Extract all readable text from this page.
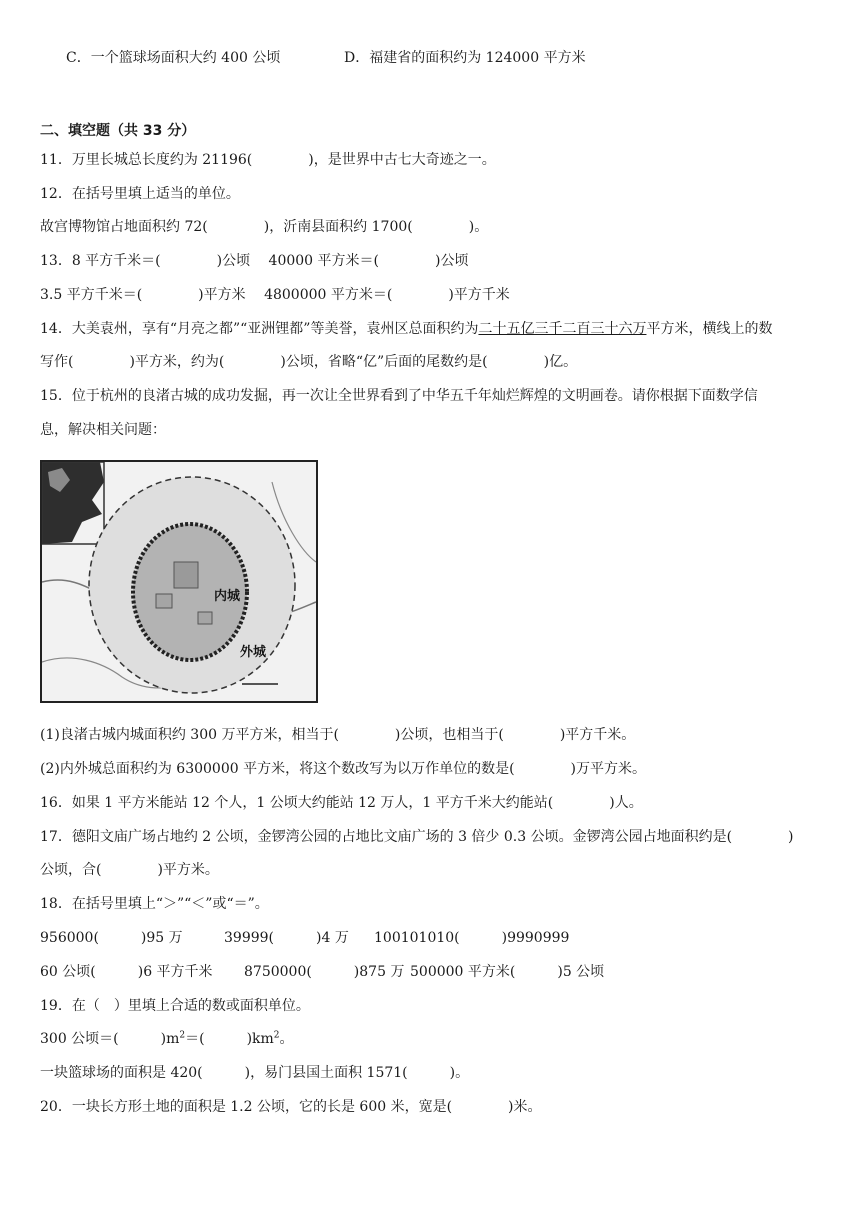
C．一个篮球场面积大约 400 公顷	D．福建省的面积约为 124000 平方米
二、填空题（共 33 分）
11．万里长城总长度约为 21196(　　　　)，是世界中古七大奇迹之一。
12．在括号里填上适当的单位。
故宫博物馆占地面积约 72(　　　　)，沂南县面积约 1700(　　　　)。
13．8 平方千米＝(　　　　)公顷　 40000 平方米＝(　　　　)公顷
3.5 平方千米＝(　　　　)平方米　 4800000 平方米＝(　　　　)平方千米
14．大美袁州，享有“月亮之都”“亚洲锂都”等美誉，袁州区总面积约为二十五亿三千二百三十六万平方米，横线上的数
写作(　　　　)平方米，约为(　　　　)公顷，省略“亿”后面的尾数约是(　　　　)亿。
15．位于杭州的良渚古城的成功发掘，再一次让全世界看到了中华五千年灿烂辉煌的文明画卷。请你根据下面数学信
息，解决相关问题：
内城
外城
(1)良渚古城内城面积约 300 万平方米，相当于(　　　　)公顷，也相当于(　　　　)平方千米。
(2)内外城总面积约为 6300000 平方米，将这个数改写为以万作单位的数是(　　　　)万平方米。
16．如果 1 平方米能站 12 个人，1 公顷大约能站 12 万人，1 平方千米大约能站(　　　　)人。
17．德阳文庙广场占地约 2 公顷，金锣湾公园的占地比文庙广场的 3 倍少 0.3 公顷。金锣湾公园占地面积约是(　　　　)
公顷，合(　　　　)平方米。
18．在括号里填上“＞”“＜”或“＝”。
956000(　　　)95 万	39999(　　　)4 万 100101010(　　　)9990999
60 公顷(　　　)6 平方千米 8750000(　　　)875 万 500000 平方米(　　　)5 公顷
19．在（　）里填上合适的数或面积单位。
300 公顷＝(　　　)$m^2=$(　　　)$km^2$。
一块篮球场的面积是 420(　　　)，易门县国土面积 1571(　　　)。
20．一块长方形土地的面积是 1.2 公顷，它的长是 600 米，宽是(　　　　)米。
